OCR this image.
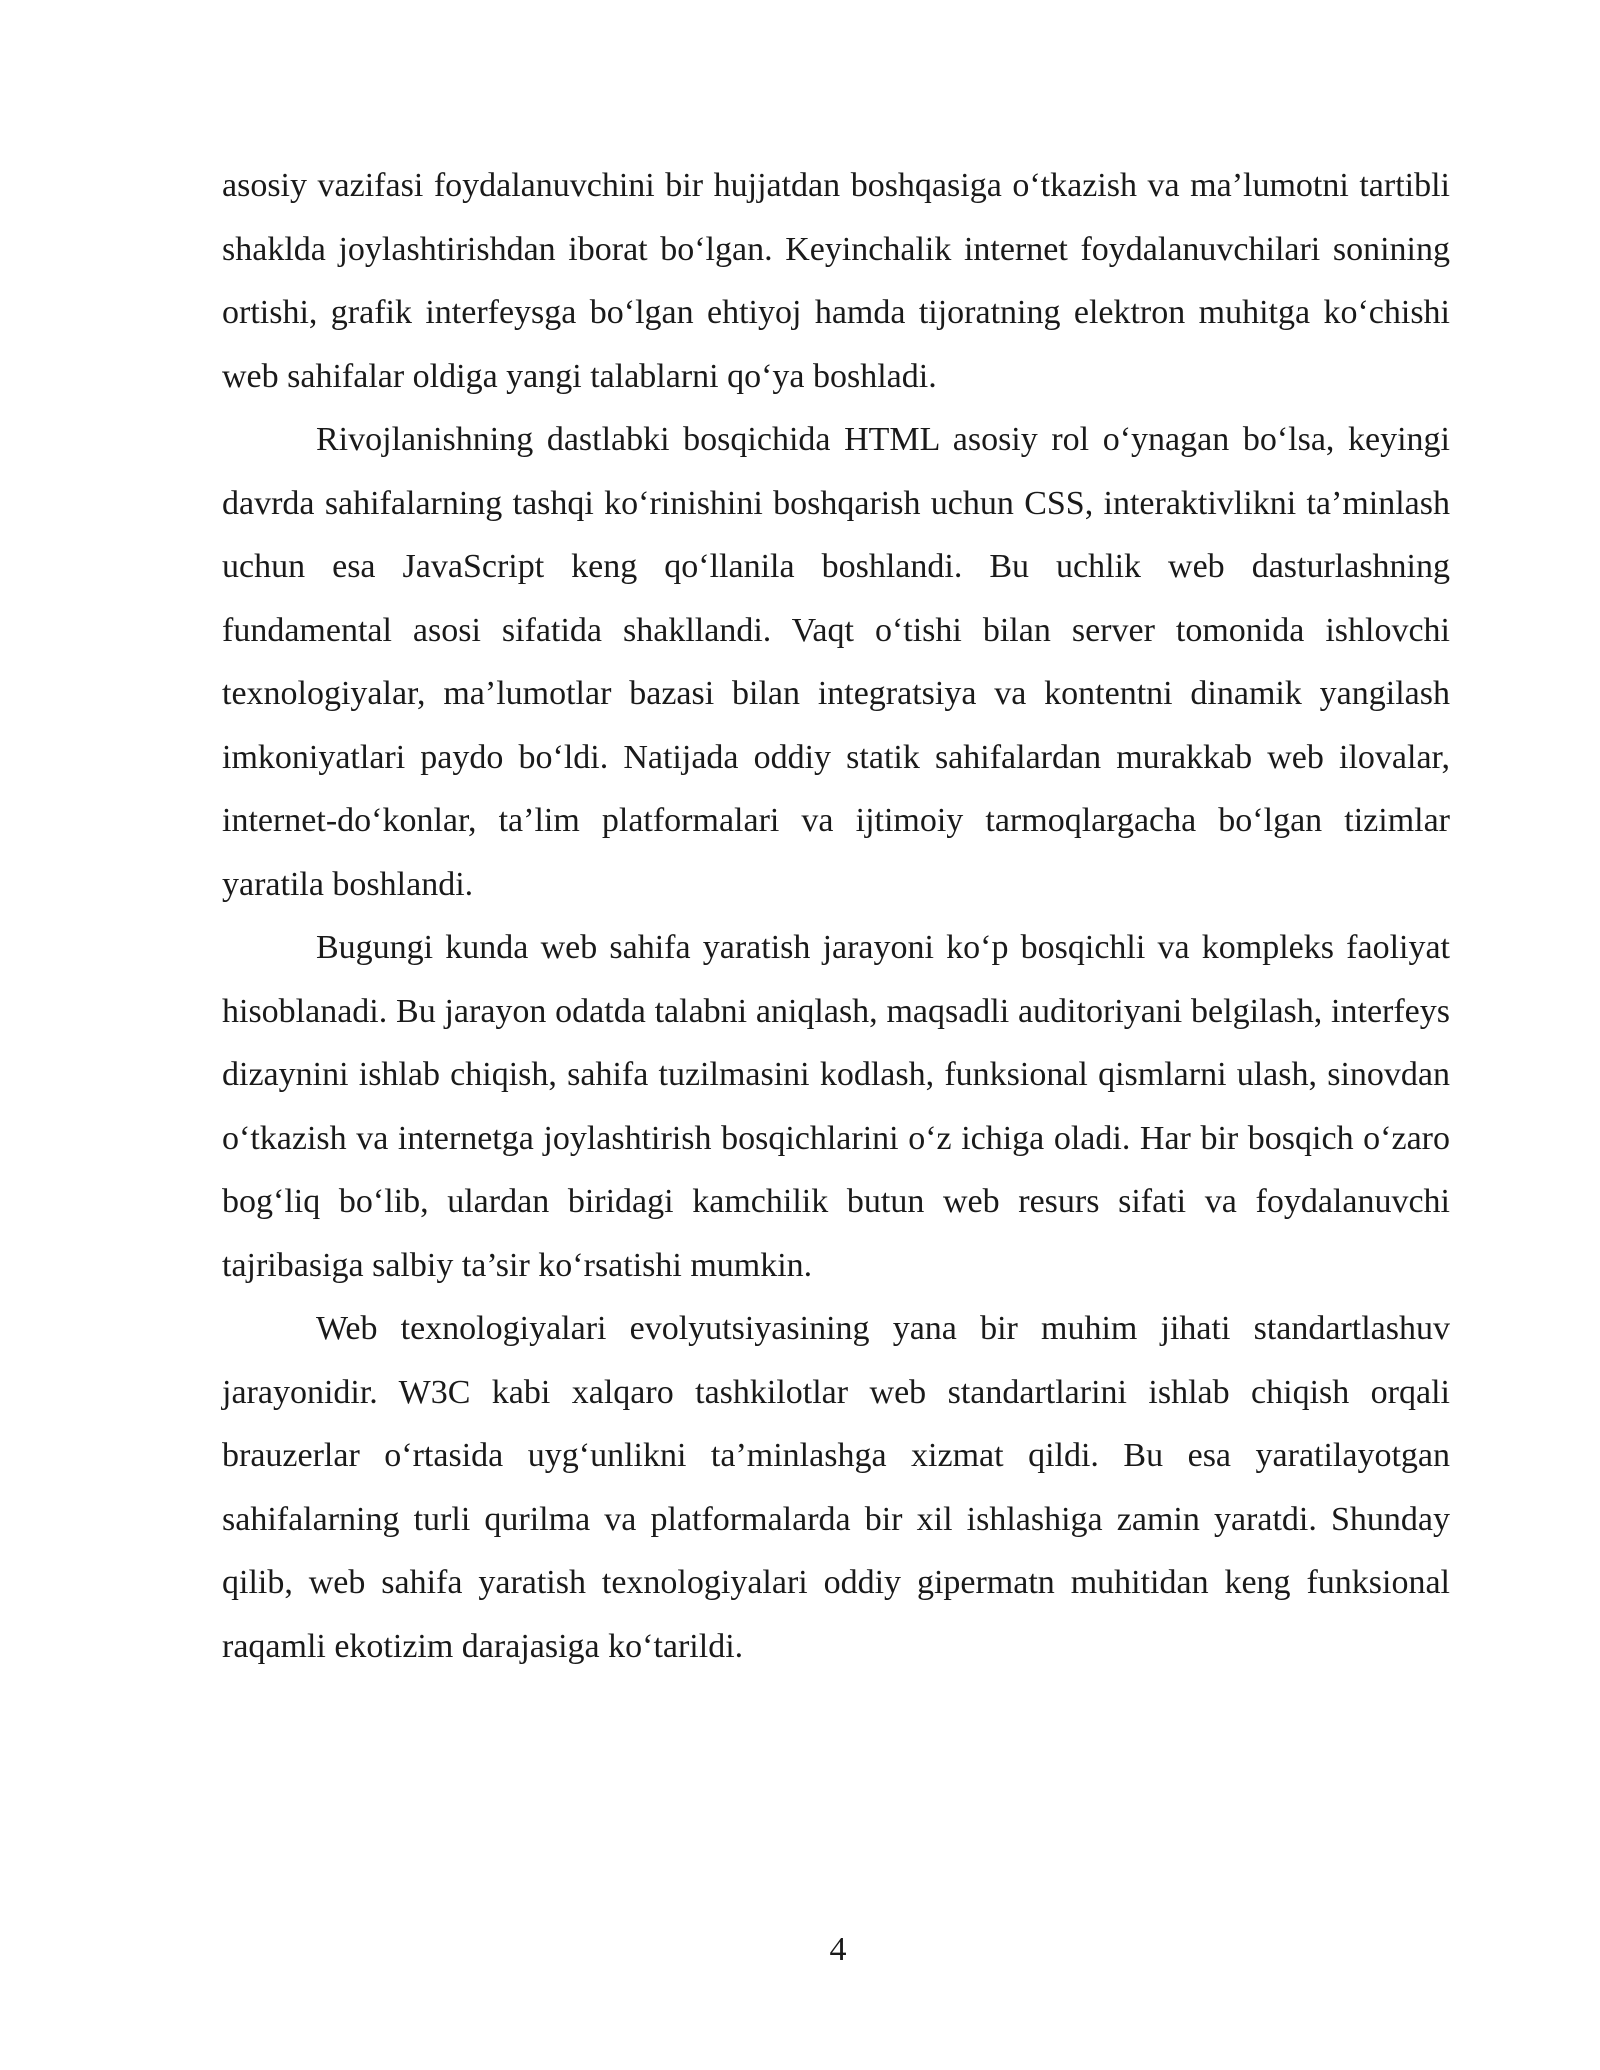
asosiy vazifasi foydalanuvchini bir hujjatdan boshqasiga o‘tkazish va ma’lumotni tartibli shaklda joylashtirishdan iborat bo‘lgan. Keyinchalik internet foydalanuvchilari sonining ortishi, grafik interfeysga bo‘lgan ehtiyoj hamda tijoratning elektron muhitga ko‘chishi web sahifalar oldiga yangi talablarni qo‘ya boshladi.

Rivojlanishning dastlabki bosqichida HTML asosiy rol o‘ynagan bo‘lsa, keyingi davrda sahifalarning tashqi ko‘rinishini boshqarish uchun CSS, interaktivlikni ta’minlash uchun esa JavaScript keng qo‘llanila boshlandi. Bu uchlik web dasturlashning fundamental asosi sifatida shakllandi. Vaqt o‘tishi bilan server tomonida ishlovchi texnologiyalar, ma’lumotlar bazasi bilan integratsiya va kontentni dinamik yangilash imkoniyatlari paydo bo‘ldi. Natijada oddiy statik sahifalardan murakkab web ilovalar, internet-do‘konlar, ta’lim platformalari va ijtimoiy tarmoqlargacha bo‘lgan tizimlar yaratila boshlandi.

Bugungi kunda web sahifa yaratish jarayoni ko‘p bosqichli va kompleks faoliyat hisoblanadi. Bu jarayon odatda talabni aniqlash, maqsadli auditoriyani belgilash, interfeys dizaynini ishlab chiqish, sahifa tuzilmasini kodlash, funksional qismlarni ulash, sinovdan o‘tkazish va internetga joylashtirish bosqichlarini o‘z ichiga oladi. Har bir bosqich o‘zaro bog‘liq bo‘lib, ulardan biridagi kamchilik butun web resurs sifati va foydalanuvchi tajribasiga salbiy ta’sir ko‘rsatishi mumkin.

Web texnologiyalari evolyutsiyasining yana bir muhim jihati standartlashuv jarayonidir. W3C kabi xalqaro tashkilotlar web standartlarini ishlab chiqish orqali brauzerlar o‘rtasida uyg‘unlikni ta’minlashga xizmat qildi. Bu esa yaratilayotgan sahifalarning turli qurilma va platformalarda bir xil ishlashiga zamin yaratdi. Shunday qilib, web sahifa yaratish texnologiyalari oddiy gipermatn muhitidan keng funksional raqamli ekotizim darajasiga ko‘tarildi.

4
